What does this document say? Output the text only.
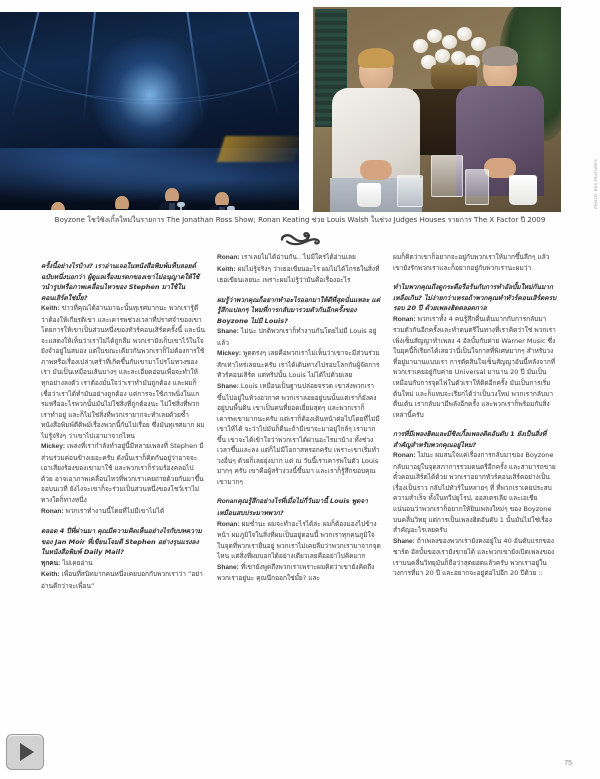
PHOTO: REX FEATURES
Boyzone โชว์ซิงเกิ้ลใหม่ในรายการ The Jonathan Ross Show; Ronan Keating ช่วย Louis Walsh ในช่วง Judges Houses รายการ The X Factor ปี 2009

ครั้งนี้อย่างไรบ้าง? เราอ่านเจอในหนังสือพิมพ์แท็บลอยด์ฉบับหนึ่งบอกว่า ผู้ดูแลเรื่องมรดกของเขาไม่อนุญาตให้ใช้วนำรูปหรือภาพเคลื่อนไหวของ Stephen มาใช้ในคอนเสิร์ตใช่มั้ย?

Keith: ข่าวที่คุณได้อ่านมาฉะนั้นทุเรศมากนะ พวกเรารู้ดีว่าต้องให้เกียรติเขา และเคารพช่วงเวลาที่ปราศจำของเขา โดยการให้เขาเป็นส่วนหนึ่งของทัวร์คอนเสิร์ตครั้งนี้ และนั่นจะแสดงให้เห็นว่าเราไม่ได้ถูกลืม พวกเรายังเก็บเขาไว้ในใจ ยังจำอยู่ในสมอง แต่ในขณะเดียวกันพวกเราก็ไม่ต้องการใช้ภาพหรือเรื่องเปล่าเศร้าที่เกิดขึ้นกับเขามาโปรโมทวงของเรา มันเป็นเหมือนเส้นบางๆ และละเอียดอ่อนเพื่อจะทำให้ทุกอย่างลงตัว เราต้องมั่นใจว่าเราทำมันถูกต้อง และผมก็เชื่อว่าเราได้ทำมันอย่างถูกต้อง แต่การจะใช้ภาพนิ่งในแกรมหรืออะไรพวกนั้นมันไม่ใช่สิ่งที่ถูกต้องนะ ไม่ใช่สิ่งที่พวกเราทำอยู่ และก็ไม่ใช่สิ่งที่พวกเรายากจะทำเลยด้วยซ้ำ หนังสือพิมพ์ตีติพม์เรื่องพวกนี้กันไปเรื่อย ซึ่งมันทุเรศมาก ผมไม่รู้จริงๆ ว่าเขาไปเอามาจากไหน

Mickey: เพลงที่เรากำลังทำอยู่นี้มีหลายเพลงที่ Stephen มีส่วนร่วมค่อนข้างเยอะครับ ดังนั้นเราก็คิดกันอยู่ว่าอาจจะเอาเสียงร้องของเขามาใช้ และพวกเราก็ร่วมร้องคลอไปด้วย อาจเอาภาพเคลื่อนไหวที่พวกเราเคยถ่ายด้วยกันมาขึ้นจอบนเวที ยังไงจะเขาก็จะร่วมเป็นส่วนหนึ่งของโชว์เราไม่ทางใดก็ทางหนึ่ง

Ronan: พวกเราทำงานนี้โดยที่ไม่มีเขาไม่ได้

ตลอด 4 ปีที่ผ่านมา คุณมีความคิดเห็นอย่างไรกับบทความของ Jan Moir ที่เขียนโจมตี Stephen อย่างรุนแรงลงในหนังสือพิมพ์ Daily Mail?

ทุกคน: ไม่เคยอ่าน

Keith: เพื่อนที่สนิทมากคนหนึ่งเคยบอกกับพวกเราว่า “อย่าอ่านดีกว่าจะเพื่อน”

Ronan: เราเลยไม่ได้อ่านกัน.. ไม่มีใครได้อ่านเลย

Keith: ผมไม่รู้จริงๆ ว่าเธอเขียนอะไร ผมไม่ได้โกรธในสิ่งที่เธอเขียนเลยนะ เพราะผมไม่รู้ว่ามันคือเรื่องอะไร

ผมรู้ว่าพวกคุณก็อยากทำอะไรออกมาให้ดีที่สุดนั่นแหละ แต่รู้สึกแปลกๆ ไหมที่การกลับมารวมตัวกันอีกครั้งของ Boyzone ไม่มี Louis?

Shane: ไม่นะ ปกติพวกเราก็ทำงานกันโดยไม่มี Louis อยู่แล้ว

Mickey: พูดตรงๆ เลยคือพวกเราไม่เห็นว่าเขาจะมีส่วนร่วมสักเท่าไหร่เลยนะครับ เราได้เดินทางไปรอบโลกกับผู้จัดการทัวร์คอนเสิร์ต แต่ทริปนั้น Louis ไม่ได้ไปด้วยเลย

Shane: Louis เหมือนเป็นฐานปล่อยจรวด เขาส่งพวกเราขึ้นไปอยู่ในห้วงอวกาศ พวกเราลอยอยู่บนนั้นแต่เราก็ยังคงอยู่บนพื้นดิน เขาเป็นคนที่ยอดเยี่ยมสุดๆ และพวกเราก็เคารพเขามากนะครับ แต่เราก็ต้องเดินหน้าต่อไปโดยที่ไม่มีเขาให้ได้ จะว่าไปมันก็ดีนะถ้ามีเขาจะมาอยู่ใกล้ๆ เรามากขึ้น เขาจะได้เข้าใจว่าพวกเราได้ผ่านอะไรมาบ้าง ทั้งช่วงเวลาขึ้นและลง แต่ก็ไม่มีโอกาสหรอกครับ เพราะเขาเริ่มทำวงอื่นๆ ด้วยก็เลยยุ่งมาก แต่ ณ วันนี้เราเคารพในตัว Louis มากๆ ครับ เขาคือผู้สร้างวงนี้ขึ้นมา และเราก็รู้สึกขอบคุณเขามากๆ

Ronanคุณรู้สึกอย่างไรที่เมื่อไม่กี่วันมานี้ Louis พูดจาเหมือนสบประมาทพวก?

Ronan: ผมช่ำนะ ผมจะทำอะไรได้ล่ะ ผมก็ต้องมองไปข้างหน้า ผมภูมิใจในสิ่งที่ผมเป็นอยู่ตอนนี้ พวกเราทุกคนภูมิใจในจุดที่พวกเรายืนอยู่ พวกเราไม่เคยลืมว่าพวกเรามาจากจุดไหน แต่สิ่งที่ผมบอกได้อย่างเดียวเลยคืออย่าไปคิดมาก

Shane: ที่เขายังพูดถึงพวกเราเพราะผมคิดว่าเขายังคิดถึงพวกเราอยู่นะ คุณนึกออกใช่มั้ย? และ

ผมก็คิดว่าเขาก็อยากจะอยู่กับพวกเราให้มากขึ้นลึกๆ แล้วเขายังรักพวกเราและก็อยากอยู่กับพวกเรานะผมว่า

ทำไมพวกคุณถึงดูกระตือรือร้นกับการทำอัลบั้มใหม่กันมากเหลือเกิน? ไม่ง่ายกว่าเหรอถ้าพวกคุณทำทัวร์คอนเสิร์ตครบรอบ 20 ปี ด้วยเพลงฮิตตลอดกาล

Ronan: พวกเราทั้ง 4 คนรู้สึกตื่นเต้นมากกับการกลับมารวมตัวกันอีกครั้งและทำดนตรีในทางที่เราคิดว่าใช่ พวกเราเพิ่งเซ็นสัญญาทำเพลง 4 อัลบั้มกับค่าย Warner Music ซึ่งในยุคนี้ก็เรียกได้เลยว่านี่เป็นใจกาสที่พิเศษมากๆ สำหรับวงที่อยู่มานานแบบเรา การตัดสินใจเซ็นสัญญาอันนี้หลังจากที่พวกเราเคยอยู่กับค่าย Universal มานาน 20 ปี มันเป็นเหมือนกับการจุดไฟในตัวเราให้ติดอีกครั้ง มันเป็นการเริ่มต้นใหม่ และก็แทบจะเรียกได้ว่าเป็นวงใหม่ พวกเรากลับมาตื่นเต้น เรากลับมามีพลังอีกครั้ง และพวกเราก็พร้อมกับสิ่งเหล่านี้ครับ

การที่มีเพลงฮิตและมีซิงเกิ้ลเพลงติดอันดับ 1 ยังเป็นสิ่งที่สำคัญสำหรับพวกคุณอยู่ไหม?

Ronan: ไม่นะ ผมสนใจแค่เรื่องการกลับมาของ Boyzone กลับมาอยู่ในจุดสภาการรวมดนตรีอีกครั้ง และสามารถขายตั๋วคอนเสิร์ตได้ด้วย พวกเราอยากทัวร์คอนเสิร์ตอย่างเป็นเรื่องเป็นราว กลับไปทัวร์ในหลายๆ ที่ ที่พวกเราเคยประสบความสำเร็จ ทั้งในทวีปยุโรป, ออสเตรเลีย และเอเชีย แน่นอนว่าพวกเราก็อยากให้ยินเพลงใหม่ๆ ของ Boyzone บนคลื่นวิทยุ แต่การเป็นเพลงฮิตอันดับ 1 นั้นมันไม่ใช่เรื่องสำคัญอะไรเลยครับ

Shane: ถ้าเพลงของพวกเรายังคงอยู่ใน 40 อันดับแรกของชาร์ต อัลบั้มของเรายังขายได้ และพวกเขายังเปิดเพลงของเราบนคลื่นวิทยุมันก็ถือว่าสุดยอดแล้วครับ พวกเราอยู่ในวงการที่มา 20 ปี และอยากจะอยู่ต่อไปอีก 20 ปีด้วย ::

75
